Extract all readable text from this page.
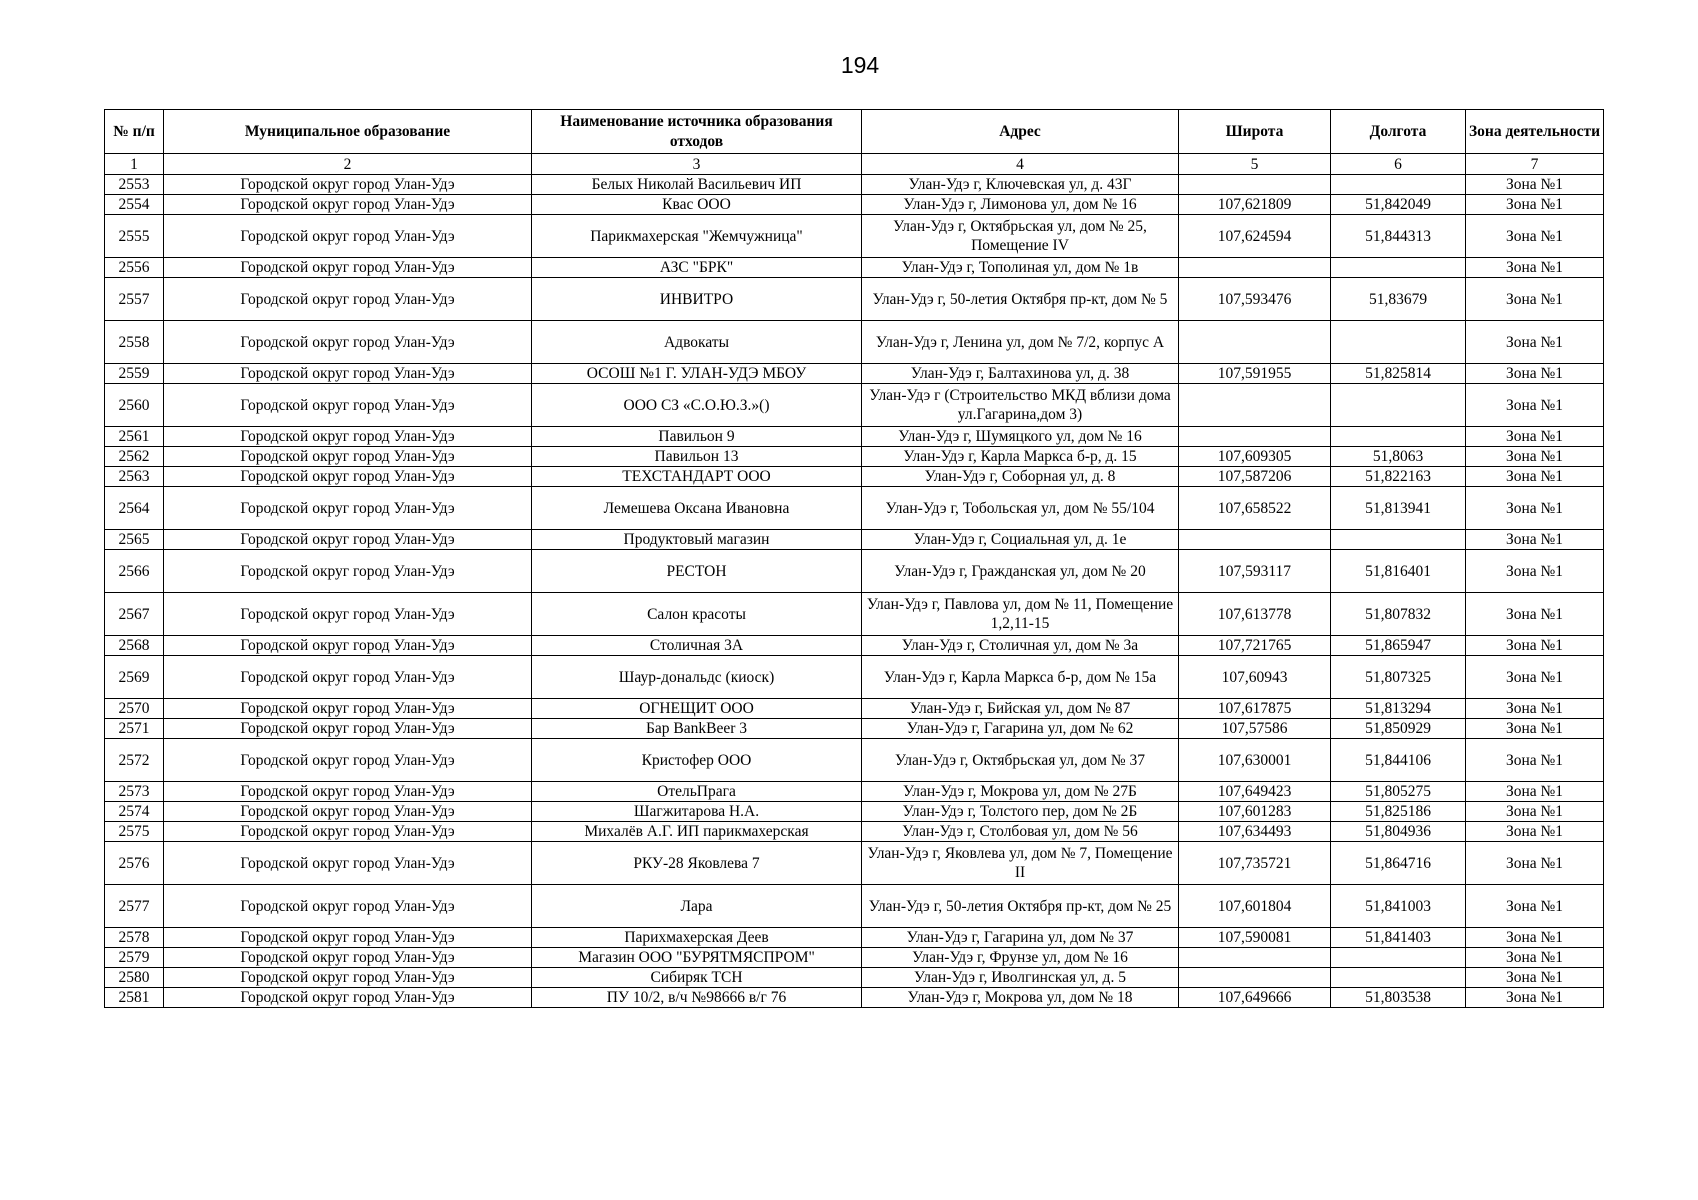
194
№ п/п	Муниципальное образование	Наименование источника образования отходов	Адрес	Широта	Долгота	Зона деятельности
1	2	3	4	5	6	7
2553	Городской округ город Улан-Удэ	Белых Николай Васильевич ИП	Улан-Удэ г, Ключевская ул, д. 43Г			Зона №1
2554	Городской округ город Улан-Удэ	Квас ООО	Улан-Удэ г, Лимонова ул, дом № 16	107,621809	51,842049	Зона №1
2555	Городской округ город Улан-Удэ	Парикмахерская "Жемчужница"	Улан-Удэ г, Октябрьская ул, дом № 25, Помещение IV	107,624594	51,844313	Зона №1
2556	Городской округ город Улан-Удэ	АЗС "БРК"	Улан-Удэ г, Тополиная ул, дом № 1в			Зона №1
2557	Городской округ город Улан-Удэ	ИНВИТРО	Улан-Удэ г, 50-летия Октября пр-кт, дом № 5	107,593476	51,83679	Зона №1
2558	Городской округ город Улан-Удэ	Адвокаты	Улан-Удэ г, Ленина ул, дом № 7/2, корпус А			Зона №1
2559	Городской округ город Улан-Удэ	ОСОШ №1 Г. УЛАН-УДЭ МБОУ	Улан-Удэ г, Балтахинова ул, д. 38	107,591955	51,825814	Зона №1
2560	Городской округ город Улан-Удэ	ООО СЗ «С.О.Ю.З.»()	Улан-Удэ г (Строительство МКД вблизи дома ул.Гагарина,дом 3)			Зона №1
2561	Городской округ город Улан-Удэ	Павильон 9	Улан-Удэ г, Шумяцкого ул, дом № 16			Зона №1
2562	Городской округ город Улан-Удэ	Павильон 13	Улан-Удэ г, Карла Маркса б-р, д. 15	107,609305	51,8063	Зона №1
2563	Городской округ город Улан-Удэ	ТЕХСТАНДАРТ ООО	Улан-Удэ г, Соборная ул, д. 8	107,587206	51,822163	Зона №1
2564	Городской округ город Улан-Удэ	Лемешева Оксана Ивановна	Улан-Удэ г, Тобольская ул, дом № 55/104	107,658522	51,813941	Зона №1
2565	Городской округ город Улан-Удэ	Продуктовый магазин	Улан-Удэ г, Социальная ул, д. 1е			Зона №1
2566	Городской округ город Улан-Удэ	РЕСТОН	Улан-Удэ г, Гражданская ул, дом № 20	107,593117	51,816401	Зона №1
2567	Городской округ город Улан-Удэ	Салон красоты	Улан-Удэ г, Павлова ул, дом № 11, Помещение 1,2,11-15	107,613778	51,807832	Зона №1
2568	Городской округ город Улан-Удэ	Столичная 3А	Улан-Удэ г, Столичная ул, дом № 3а	107,721765	51,865947	Зона №1
2569	Городской округ город Улан-Удэ	Шаур-дональдс (киоск)	Улан-Удэ г, Карла Маркса б-р, дом № 15а	107,60943	51,807325	Зона №1
2570	Городской округ город Улан-Удэ	ОГНЕЩИТ ООО	Улан-Удэ г, Бийская ул, дом № 87	107,617875	51,813294	Зона №1
2571	Городской округ город Улан-Удэ	Бар BankBeer 3	Улан-Удэ г, Гагарина ул, дом № 62	107,57586	51,850929	Зона №1
2572	Городской округ город Улан-Удэ	Кристофер ООО	Улан-Удэ г, Октябрьская ул, дом № 37	107,630001	51,844106	Зона №1
2573	Городской округ город Улан-Удэ	ОтельПрага	Улан-Удэ г, Мокрова ул, дом № 27Б	107,649423	51,805275	Зона №1
2574	Городской округ город Улан-Удэ	Шагжитарова Н.А.	Улан-Удэ г, Толстого пер, дом № 2Б	107,601283	51,825186	Зона №1
2575	Городской округ город Улан-Удэ	Михалёв А.Г. ИП парикмахерская	Улан-Удэ г, Столбовая ул, дом № 56	107,634493	51,804936	Зона №1
2576	Городской округ город Улан-Удэ	РКУ-28 Яковлева 7	Улан-Удэ г, Яковлева ул, дом № 7, Помещение II	107,735721	51,864716	Зона №1
2577	Городской округ город Улан-Удэ	Лара	Улан-Удэ г, 50-летия Октября пр-кт, дом № 25	107,601804	51,841003	Зона №1
2578	Городской округ город Улан-Удэ	Парихмахерская Деев	Улан-Удэ г, Гагарина ул, дом № 37	107,590081	51,841403	Зона №1
2579	Городской округ город Улан-Удэ	Магазин ООО "БУРЯТМЯСПРОМ"	Улан-Удэ г, Фрунзе ул, дом № 16			Зона №1
2580	Городской округ город Улан-Удэ	Сибиряк ТСН	Улан-Удэ г, Иволгинская ул, д. 5			Зона №1
2581	Городской округ город Улан-Удэ	ПУ 10/2, в/ч №98666 в/г 76	Улан-Удэ г, Мокрова ул, дом № 18	107,649666	51,803538	Зона №1
